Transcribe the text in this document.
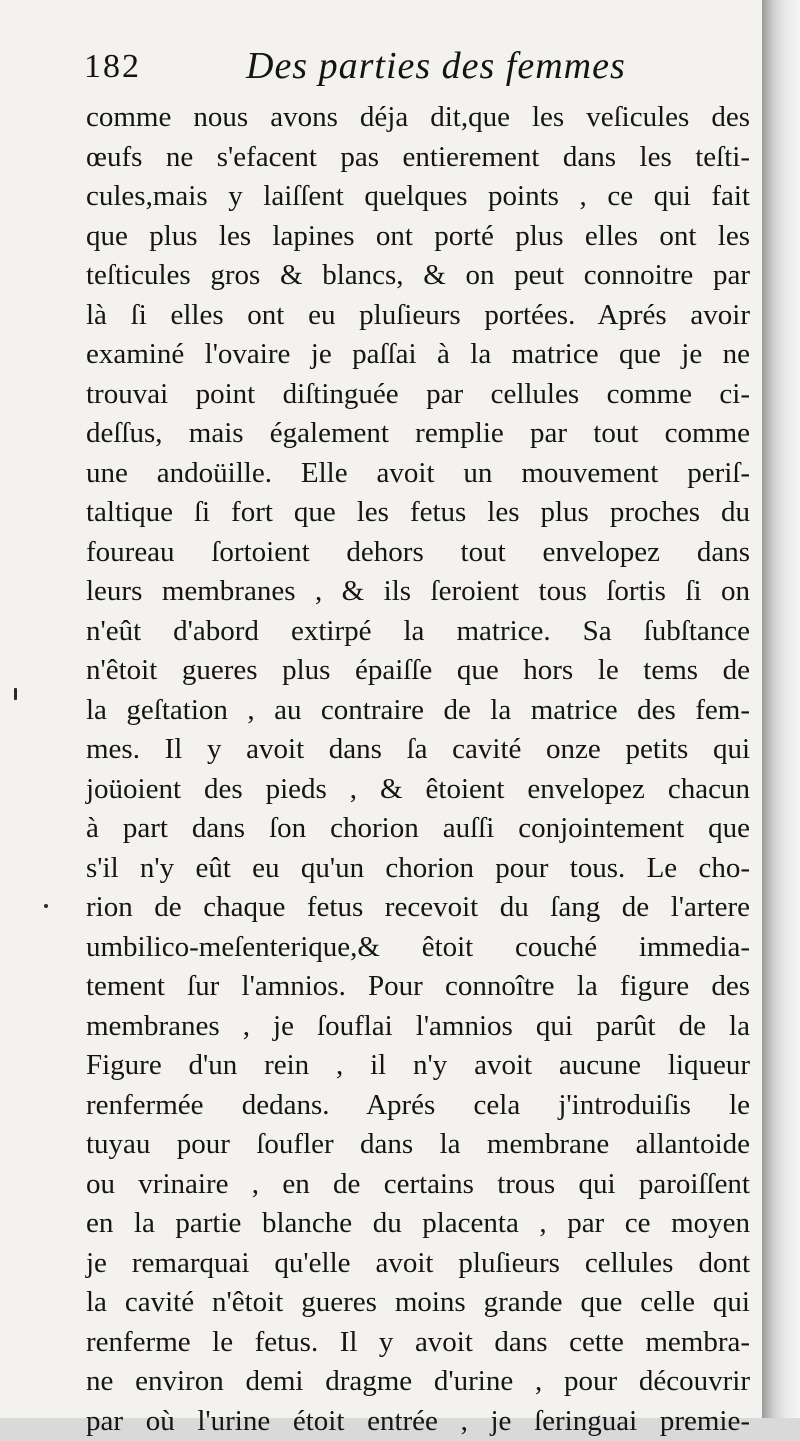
182	Des parties des femmes
comme nous avons déja dit,que les veſicules des
œufs ne s'efacent pas entierement dans les teſti-
cules,mais y laiſſent quelques points , ce qui fait
que plus les lapines ont porté plus elles ont les
teſticules gros & blancs, & on peut connoitre par
là ſi elles ont eu pluſieurs portées. Aprés avoir
examiné l'ovaire je paſſai à la matrice que je ne
trouvai point diſtinguée par cellules comme ci-
deſſus, mais également remplie par tout comme
une andoüille. Elle avoit un mouvement periſ-
taltique ſi fort que les fetus les plus proches du
foureau ſortoient dehors tout envelopez dans
leurs membranes , & ils ſeroient tous ſortis ſi on
n'eût d'abord extirpé la matrice. Sa ſubſtance
n'êtoit gueres plus épaiſſe que hors le tems de
la geſtation , au contraire de la matrice des fem-
mes. Il y avoit dans ſa cavité onze petits qui
joüoient des pieds , & êtoient envelopez chacun
à part dans ſon chorion auſſi conjointement que
s'il n'y eût eu qu'un chorion pour tous. Le cho-
rion de chaque fetus recevoit du ſang de l'artere
umbilico-meſenterique,& êtoit couché immedia-
tement ſur l'amnios. Pour connoître la figure des
membranes , je ſouflai l'amnios qui parût de la
Figure d'un rein , il n'y avoit aucune liqueur
renfermée dedans. Aprés cela j'introduiſis le
tuyau pour ſoufler dans la membrane allantoide
ou vrinaire , en de certains trous qui paroiſſent
en la partie blanche du placenta , par ce moyen
je remarquai qu'elle avoit pluſieurs cellules dont
la cavité n'êtoit gueres moins grande que celle qui
renferme le fetus. Il y avoit dans cette membra-
ne environ demi dragme d'urine , pour découvrir
par où l'urine étoit entrée , je ſeringuai premie-
